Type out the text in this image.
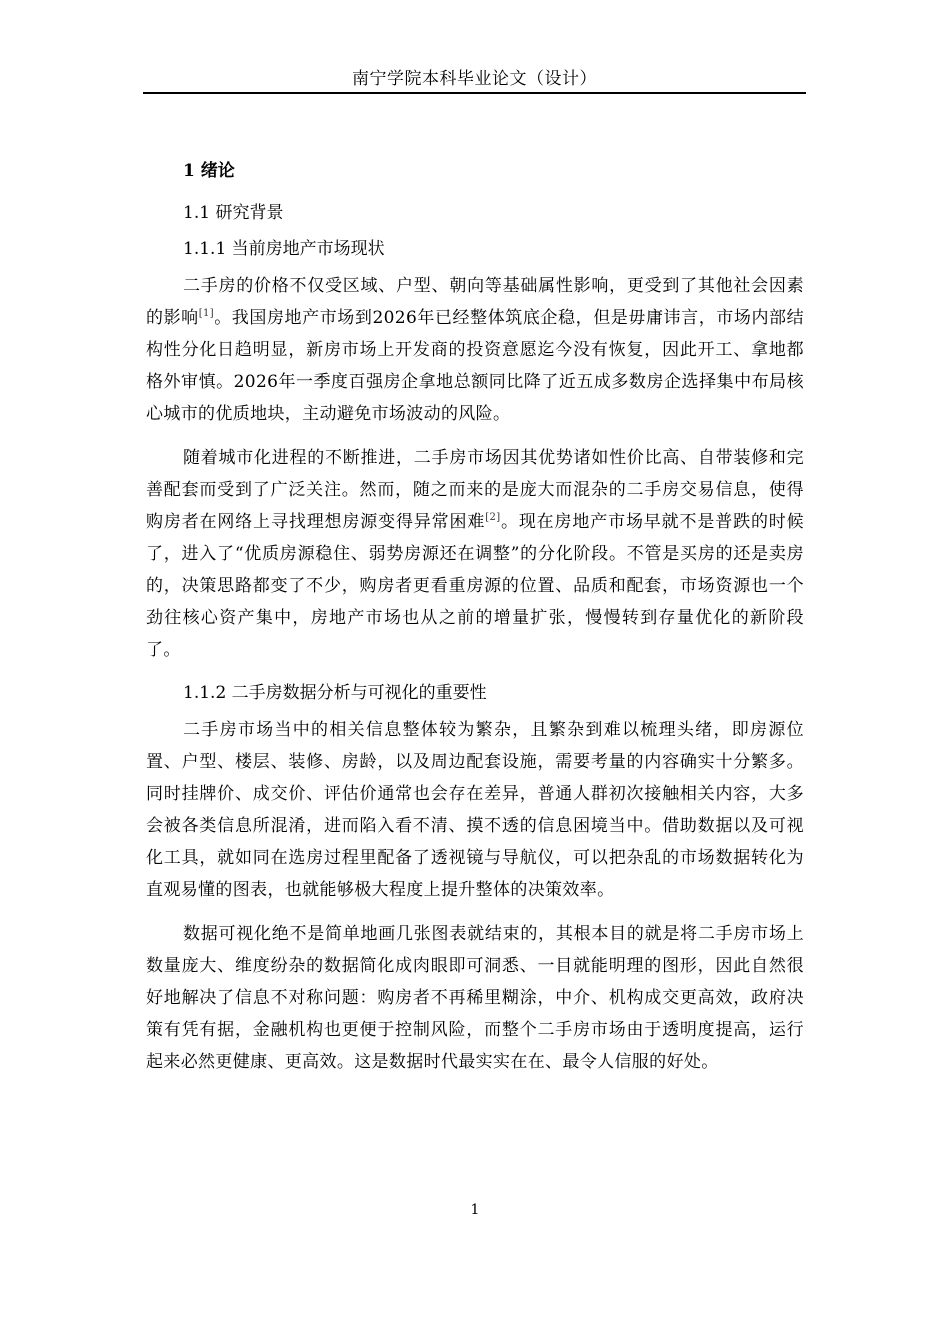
南宁学院本科毕业论文（设计）
1 绪论
1.1 研究背景
1.1.1 当前房地产市场现状

二手房的价格不仅受区域、户型、朝向等基础属性影响，更受到了其他社会因素的影响[1]。我国房地产市场到2026年已经整体筑底企稳，但是毋庸讳言，市场内部结构性分化日趋明显，新房市场上开发商的投资意愿迄今没有恢复，因此开工、拿地都格外审慎。2026年一季度百强房企拿地总额同比降了近五成多数房企选择集中布局核心城市的优质地块，主动避免市场波动的风险。

随着城市化进程的不断推进，二手房市场因其优势诸如性价比高、自带装修和完善配套而受到了广泛关注。然而，随之而来的是庞大而混杂的二手房交易信息，使得购房者在网络上寻找理想房源变得异常困难[2]。现在房地产市场早就不是普跌的时候了，进入了“优质房源稳住、弱势房源还在调整”的分化阶段。不管是买房的还是卖房的，决策思路都变了不少，购房者更看重房源的位置、品质和配套，市场资源也一个劲往核心资产集中，房地产市场也从之前的增量扩张，慢慢转到存量优化的新阶段了。

1.1.2 二手房数据分析与可视化的重要性

二手房市场当中的相关信息整体较为繁杂，且繁杂到难以梳理头绪，即房源位置、户型、楼层、装修、房龄，以及周边配套设施，需要考量的内容确实十分繁多。同时挂牌价、成交价、评估价通常也会存在差异，普通人群初次接触相关内容，大多会被各类信息所混淆，进而陷入看不清、摸不透的信息困境当中。借助数据以及可视化工具，就如同在选房过程里配备了透视镜与导航仪，可以把杂乱的市场数据转化为直观易懂的图表，也就能够极大程度上提升整体的决策效率。

数据可视化绝不是简单地画几张图表就结束的，其根本目的就是将二手房市场上数量庞大、维度纷杂的数据简化成肉眼即可洞悉、一目就能明理的图形，因此自然很好地解决了信息不对称问题：购房者不再稀里糊涂，中介、机构成交更高效，政府决策有凭有据，金融机构也更便于控制风险，而整个二手房市场由于透明度提高，运行起来必然更健康、更高效。这是数据时代最实实在在、最令人信服的好处。

1
